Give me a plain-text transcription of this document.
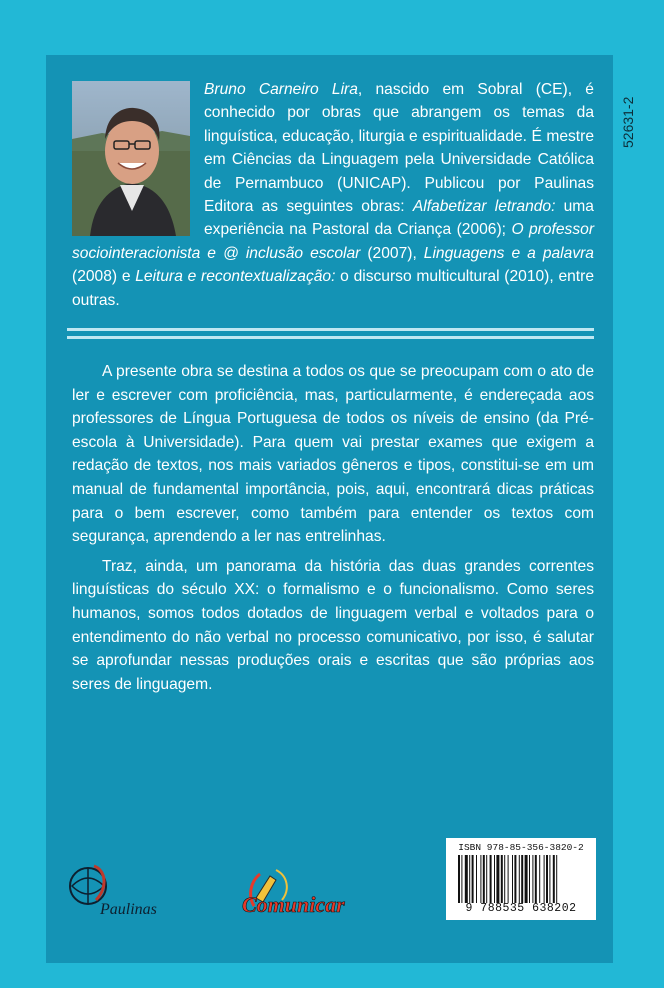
52631-2

Bruno Carneiro Lira, nascido em Sobral (CE), é conhecido por obras que abrangem os temas da linguística, educação, liturgia e espiritualidade. É mestre em Ciências da Linguagem pela Universidade Católica de Pernambuco (UNICAP). Publicou por Paulinas Editora as seguintes obras: Alfabetizar letrando: uma experiência na Pastoral da Criança (2006); O professor sociointeracionista e @ inclusão escolar (2007), Linguagens e a palavra (2008) e Leitura e recontextualização: o discurso multicultural (2010), entre outras.

A presente obra se destina a todos os que se preocupam com o ato de ler e escrever com proficiência, mas, particularmente, é endereçada aos professores de Língua Portuguesa de todos os níveis de ensino (da Pré-escola à Universidade). Para quem vai prestar exames que exigem a redação de textos, nos mais variados gêneros e tipos, constitui-se em um manual de fundamental importância, pois, aqui, encontrará dicas práticas para o bem escrever, como também para entender os textos com segurança, aprendendo a ler nas entrelinhas.

Traz, ainda, um panorama da história das duas grandes correntes linguísticas do século XX: o formalismo e o funcionalismo. Como seres humanos, somos todos dotados de linguagem verbal e voltados para o entendimento do não verbal no processo comunicativo, por isso, é salutar se aprofundar nessas produções orais e escritas que são próprias aos seres de linguagem.

Paulinas	Comunicar
ISBN 978-85-356-3820-2
9 788535 638202
